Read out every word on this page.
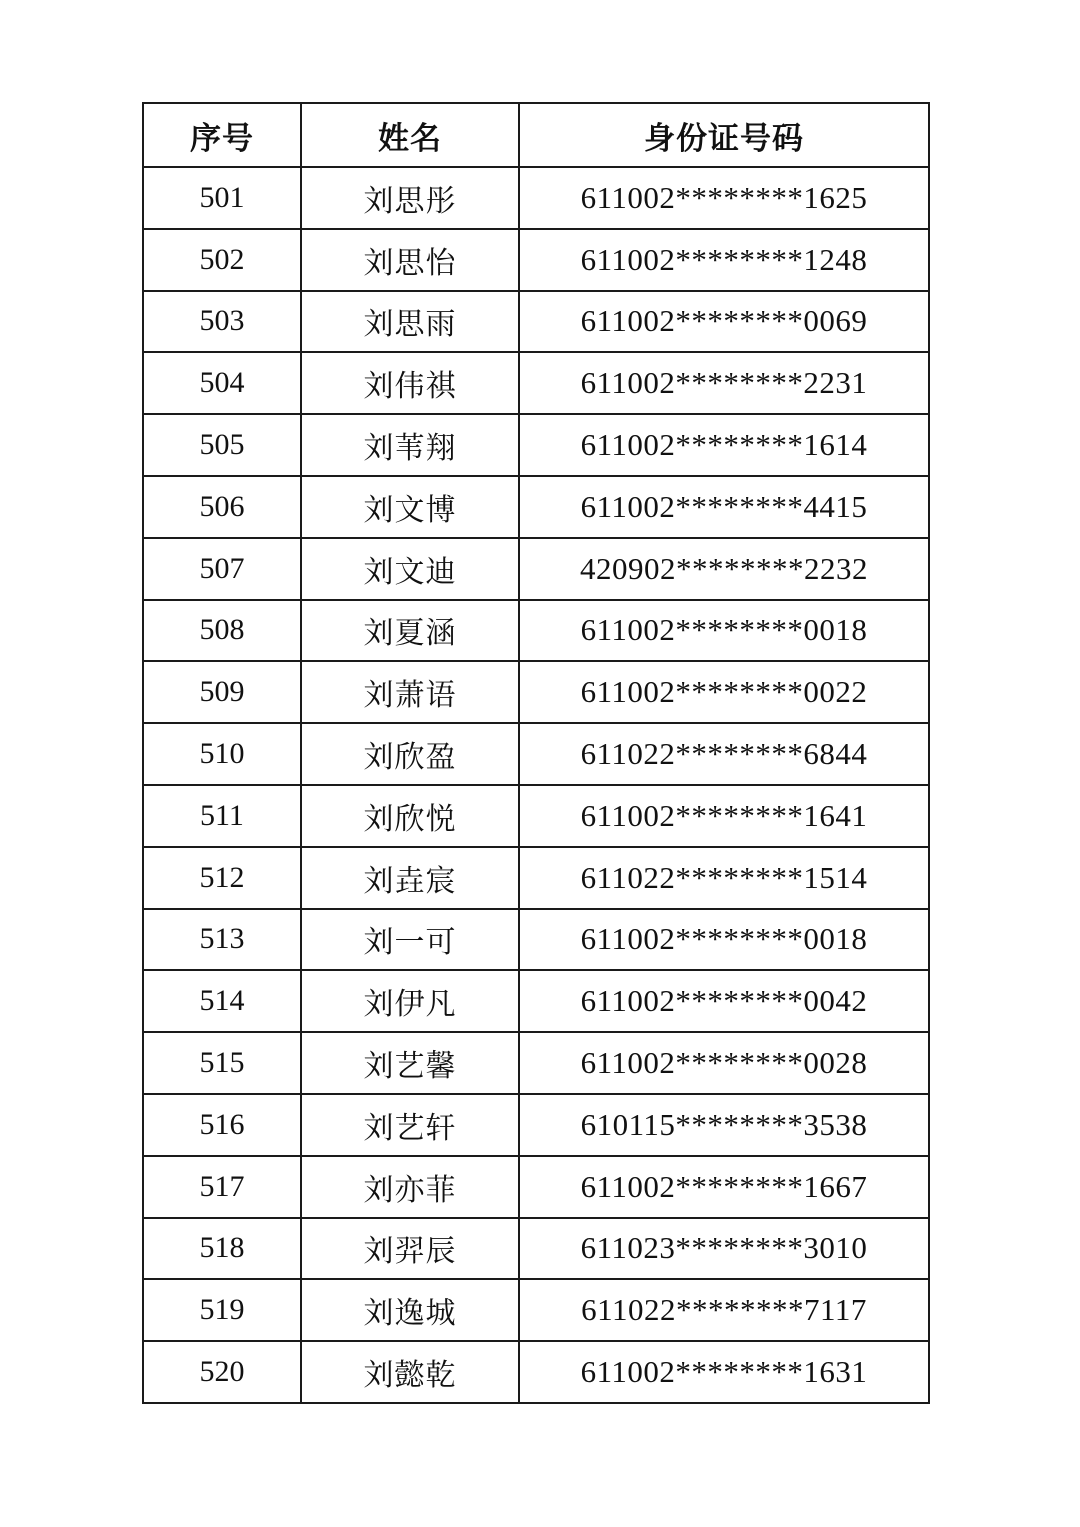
序号	姓名	身份证号码
501	刘思彤	611002********1625
502	刘思怡	611002********1248
503	刘思雨	611002********0069
504	刘伟祺	611002********2231
505	刘苇翔	611002********1614
506	刘文博	611002********4415
507	刘文迪	420902********2232
508	刘夏涵	611002********0018
509	刘萧语	611002********0022
510	刘欣盈	611022********6844
511	刘欣悦	611002********1641
512	刘垚宸	611022********1514
513	刘一可	611002********0018
514	刘伊凡	611002********0042
515	刘艺馨	611002********0028
516	刘艺轩	610115********3538
517	刘亦菲	611002********1667
518	刘羿辰	611023********3010
519	刘逸城	611022********7117
520	刘懿乾	611002********1631
